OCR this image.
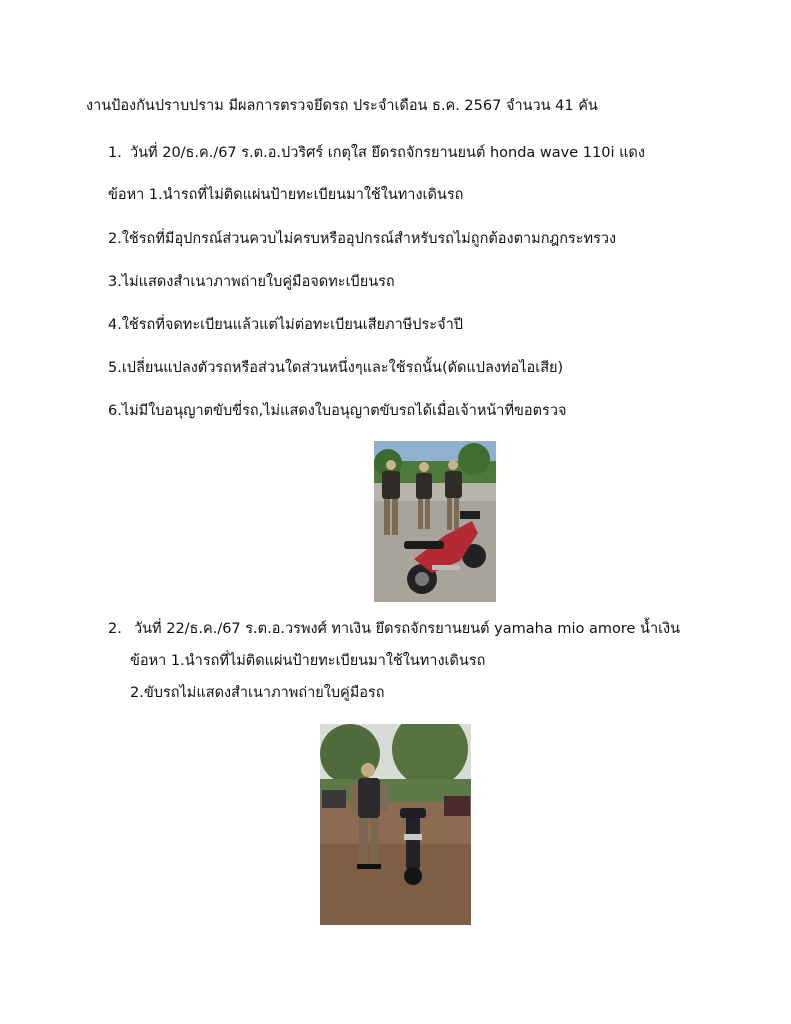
งานป้องกันปราบปราม มีผลการตรวจยึดรถ ประจำเดือน ธ.ค. 2567 จำนวน 41 คัน
1. วันที่ 20/ธ.ค./67 ร.ต.อ.ปวริศร์ เกตุใส ยึดรถจักรยานยนต์ honda wave 110i แดง
ข้อหา 1.นำรถที่ไม่ติดแผ่นป้ายทะเบียนมาใช้ในทางเดินรถ
2.ใช้รถที่มีอุปกรณ์ส่วนควบไม่ครบหรืออุปกรณ์สำหรับรถไม่ถูกต้องตามกฎกระทรวง
3.ไม่แสดงสำเนาภาพถ่ายใบคู่มือจดทะเบียนรถ
4.ใช้รถที่จดทะเบียนแล้วแต่ไม่ต่อทะเบียนเสียภาษีประจำปี
5.เปลี่ยนแปลงตัวรถหรือส่วนใดส่วนหนึ่งๆและใช้รถนั้น(ดัดแปลงท่อไอเสีย)
6.ไม่มีใบอนุญาตขับขี่รถ,ไม่แสดงใบอนุญาตขับรถได้เมื่อเจ้าหน้าที่ขอตรวจ
2. วันที่ 22/ธ.ค./67 ร.ต.อ.วรพงศ์ ทาเงิน ยึดรถจักรยานยนต์ yamaha mio amore น้ำเงิน
ข้อหา 1.นำรถที่ไม่ติดแผ่นป้ายทะเบียนมาใช้ในทางเดินรถ
2.ขับรถไม่แสดงสำเนาภาพถ่ายใบคู่มือรถ
